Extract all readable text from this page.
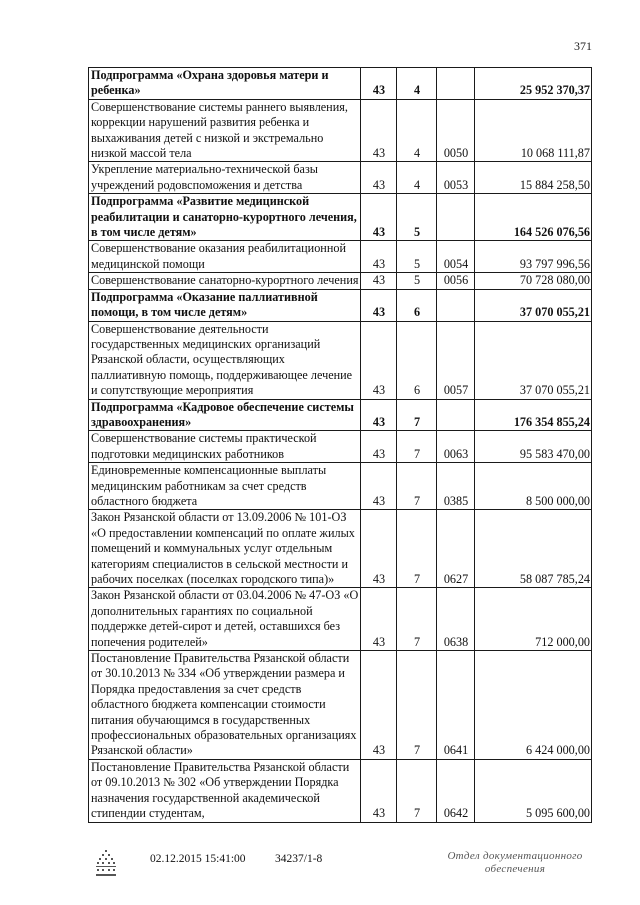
371
Подпрограмма «Охрана здоровья матери и ребенка»	43	4		25 952 370,37
Совершенствование системы раннего выявления, коррекции нарушений развития ребенка и выхаживания детей с низкой и экстремально низкой массой тела	43	4	0050	10 068 111,87
Укрепление материально-технической базы учреждений родовспоможения и детства	43	4	0053	15 884 258,50
Подпрограмма «Развитие медицинской реабилитации и санаторно-курортного лечения, в том числе детям»	43	5		164 526 076,56
Совершенствование оказания реабилитационной медицинской помощи	43	5	0054	93 797 996,56
Совершенствование санаторно-курортного лечения	43	5	0056	70 728 080,00
Подпрограмма «Оказание паллиативной помощи, в том числе детям»	43	6		37 070 055,21
Совершенствование деятельности государственных медицинских организаций Рязанской области, осуществляющих паллиативную помощь, поддерживающее лечение и сопутствующие мероприятия	43	6	0057	37 070 055,21
Подпрограмма «Кадровое обеспечение системы здравоохранения»	43	7		176 354 855,24
Совершенствование системы практической подготовки медицинских работников	43	7	0063	95 583 470,00
Единовременные компенсационные выплаты медицинским работникам за счет средств областного бюджета	43	7	0385	8 500 000,00
Закон Рязанской области от 13.09.2006 № 101-ОЗ «О предоставлении компенсаций по оплате жилых помещений и коммунальных услуг отдельным категориям специалистов в сельской местности и рабочих поселках (поселках городского типа)»	43	7	0627	58 087 785,24
Закон Рязанской области от 03.04.2006 № 47-ОЗ «О дополнительных гарантиях по социальной поддержке детей-сирот и детей, оставшихся без попечения родителей»	43	7	0638	712 000,00
Постановление Правительства Рязанской области от 30.10.2013 № 334 «Об утверждении размера и Порядка предоставления за счет средств областного бюджета компенсации стоимости питания обучающимся в государственных профессиональных образовательных организациях Рязанской области»	43	7	0641	6 424 000,00
Постановление Правительства Рязанской области от 09.10.2013 № 302 «Об утверждении Порядка назначения государственной академической стипендии студентам,	43	7	0642	5 095 600,00
02.12.2015 15:41:00	34237/1-8	Отдел документационного
обеспечения
